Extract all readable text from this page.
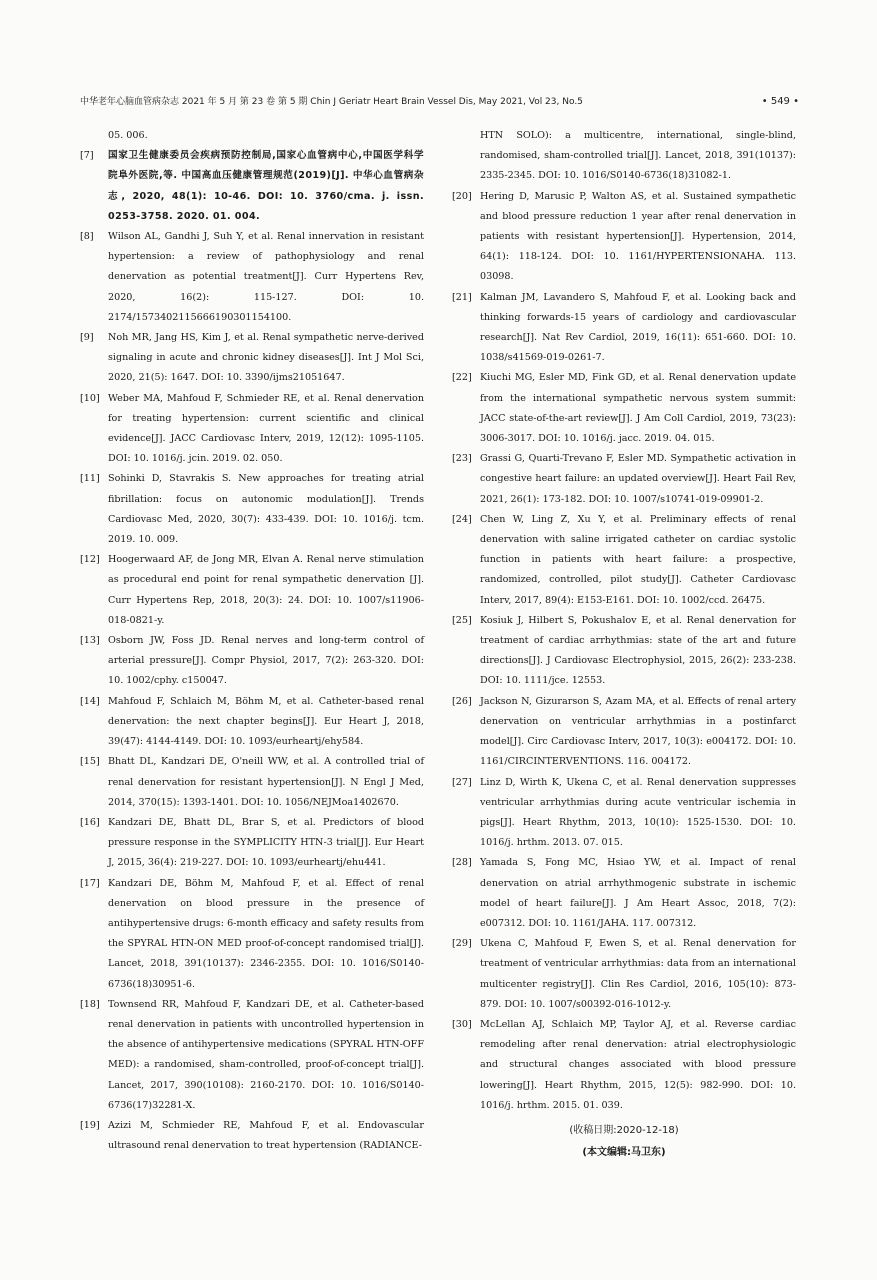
中华老年心脑血管病杂志 2021 年 5 月 第 23 卷 第 5 期 Chin J Geriatr Heart Brain Vessel Dis, May 2021, Vol 23, No.5	• 549 •
05. 006.
[7] 国家卫生健康委员会疾病预防控制局,国家心血管病中心,中国医学科学院阜外医院,等. 中国高血压健康管理规范(2019)[J]. 中华心血管病杂志, 2020, 48(1): 10-46. DOI: 10. 3760/cma. j. issn. 0253-3758. 2020. 01. 004.
[8] Wilson AL, Gandhi J, Suh Y, et al. Renal innervation in resistant hypertension: a review of pathophysiology and renal denervation as potential treatment[J]. Curr Hypertens Rev, 2020, 16(2): 115-127. DOI: 10. 2174/1573402115666190301154100.
[9] Noh MR, Jang HS, Kim J, et al. Renal sympathetic nerve-derived signaling in acute and chronic kidney diseases[J]. Int J Mol Sci, 2020, 21(5): 1647. DOI: 10. 3390/ijms21051647.
[10] Weber MA, Mahfoud F, Schmieder RE, et al. Renal denervation for treating hypertension: current scientific and clinical evidence[J]. JACC Cardiovasc Interv, 2019, 12(12): 1095-1105. DOI: 10. 1016/j. jcin. 2019. 02. 050.
[11] Sohinki D, Stavrakis S. New approaches for treating atrial fibrillation: focus on autonomic modulation[J]. Trends Cardiovasc Med, 2020, 30(7): 433-439. DOI: 10. 1016/j. tcm. 2019. 10. 009.
[12] Hoogerwaard AF, de Jong MR, Elvan A. Renal nerve stimulation as procedural end point for renal sympathetic denervation [J]. Curr Hypertens Rep, 2018, 20(3): 24. DOI: 10. 1007/s11906-018-0821-y.
[13] Osborn JW, Foss JD. Renal nerves and long-term control of arterial pressure[J]. Compr Physiol, 2017, 7(2): 263-320. DOI: 10. 1002/cphy. c150047.
[14] Mahfoud F, Schlaich M, Böhm M, et al. Catheter-based renal denervation: the next chapter begins[J]. Eur Heart J, 2018, 39(47): 4144-4149. DOI: 10. 1093/eurheartj/ehy584.
[15] Bhatt DL, Kandzari DE, O'neill WW, et al. A controlled trial of renal denervation for resistant hypertension[J]. N Engl J Med, 2014, 370(15): 1393-1401. DOI: 10. 1056/NEJMoa1402670.
[16] Kandzari DE, Bhatt DL, Brar S, et al. Predictors of blood pressure response in the SYMPLICITY HTN-3 trial[J]. Eur Heart J, 2015, 36(4): 219-227. DOI: 10. 1093/eurheartj/ehu441.
[17] Kandzari DE, Böhm M, Mahfoud F, et al. Effect of renal denervation on blood pressure in the presence of antihypertensive drugs: 6-month efficacy and safety results from the SPYRAL HTN-ON MED proof-of-concept randomised trial[J]. Lancet, 2018, 391(10137): 2346-2355. DOI: 10. 1016/S0140-6736(18)30951-6.
[18] Townsend RR, Mahfoud F, Kandzari DE, et al. Catheter-based renal denervation in patients with uncontrolled hypertension in the absence of antihypertensive medications (SPYRAL HTN-OFF MED): a randomised, sham-controlled, proof-of-concept trial[J]. Lancet, 2017, 390(10108): 2160-2170. DOI: 10. 1016/S0140-6736(17)32281-X.
[19] Azizi M, Schmieder RE, Mahfoud F, et al. Endovascular ultrasound renal denervation to treat hypertension (RADIANCE-
HTN SOLO): a multicentre, international, single-blind, randomised, sham-controlled trial[J]. Lancet, 2018, 391(10137): 2335-2345. DOI: 10. 1016/S0140-6736(18)31082-1.
[20] Hering D, Marusic P, Walton AS, et al. Sustained sympathetic and blood pressure reduction 1 year after renal denervation in patients with resistant hypertension[J]. Hypertension, 2014, 64(1): 118-124. DOI: 10. 1161/HYPERTENSIONAHA. 113. 03098.
[21] Kalman JM, Lavandero S, Mahfoud F, et al. Looking back and thinking forwards-15 years of cardiology and cardiovascular research[J]. Nat Rev Cardiol, 2019, 16(11): 651-660. DOI: 10. 1038/s41569-019-0261-7.
[22] Kiuchi MG, Esler MD, Fink GD, et al. Renal denervation update from the international sympathetic nervous system summit: JACC state-of-the-art review[J]. J Am Coll Cardiol, 2019, 73(23): 3006-3017. DOI: 10. 1016/j. jacc. 2019. 04. 015.
[23] Grassi G, Quarti-Trevano F, Esler MD. Sympathetic activation in congestive heart failure: an updated overview[J]. Heart Fail Rev, 2021, 26(1): 173-182. DOI: 10. 1007/s10741-019-09901-2.
[24] Chen W, Ling Z, Xu Y, et al. Preliminary effects of renal denervation with saline irrigated catheter on cardiac systolic function in patients with heart failure: a prospective, randomized, controlled, pilot study[J]. Catheter Cardiovasc Interv, 2017, 89(4): E153-E161. DOI: 10. 1002/ccd. 26475.
[25] Kosiuk J, Hilbert S, Pokushalov E, et al. Renal denervation for treatment of cardiac arrhythmias: state of the art and future directions[J]. J Cardiovasc Electrophysiol, 2015, 26(2): 233-238. DOI: 10. 1111/jce. 12553.
[26] Jackson N, Gizurarson S, Azam MA, et al. Effects of renal artery denervation on ventricular arrhythmias in a postinfarct model[J]. Circ Cardiovasc Interv, 2017, 10(3): e004172. DOI: 10. 1161/CIRCINTERVENTIONS. 116. 004172.
[27] Linz D, Wirth K, Ukena C, et al. Renal denervation suppresses ventricular arrhythmias during acute ventricular ischemia in pigs[J]. Heart Rhythm, 2013, 10(10): 1525-1530. DOI: 10. 1016/j. hrthm. 2013. 07. 015.
[28] Yamada S, Fong MC, Hsiao YW, et al. Impact of renal denervation on atrial arrhythmogenic substrate in ischemic model of heart failure[J]. J Am Heart Assoc, 2018, 7(2): e007312. DOI: 10. 1161/JAHA. 117. 007312.
[29] Ukena C, Mahfoud F, Ewen S, et al. Renal denervation for treatment of ventricular arrhythmias: data from an international multicenter registry[J]. Clin Res Cardiol, 2016, 105(10): 873-879. DOI: 10. 1007/s00392-016-1012-y.
[30] McLellan AJ, Schlaich MP, Taylor AJ, et al. Reverse cardiac remodeling after renal denervation: atrial electrophysiologic and structural changes associated with blood pressure lowering[J]. Heart Rhythm, 2015, 12(5): 982-990. DOI: 10. 1016/j. hrthm. 2015. 01. 039.
(收稿日期:2020-12-18)
(本文编辑:马卫东)
